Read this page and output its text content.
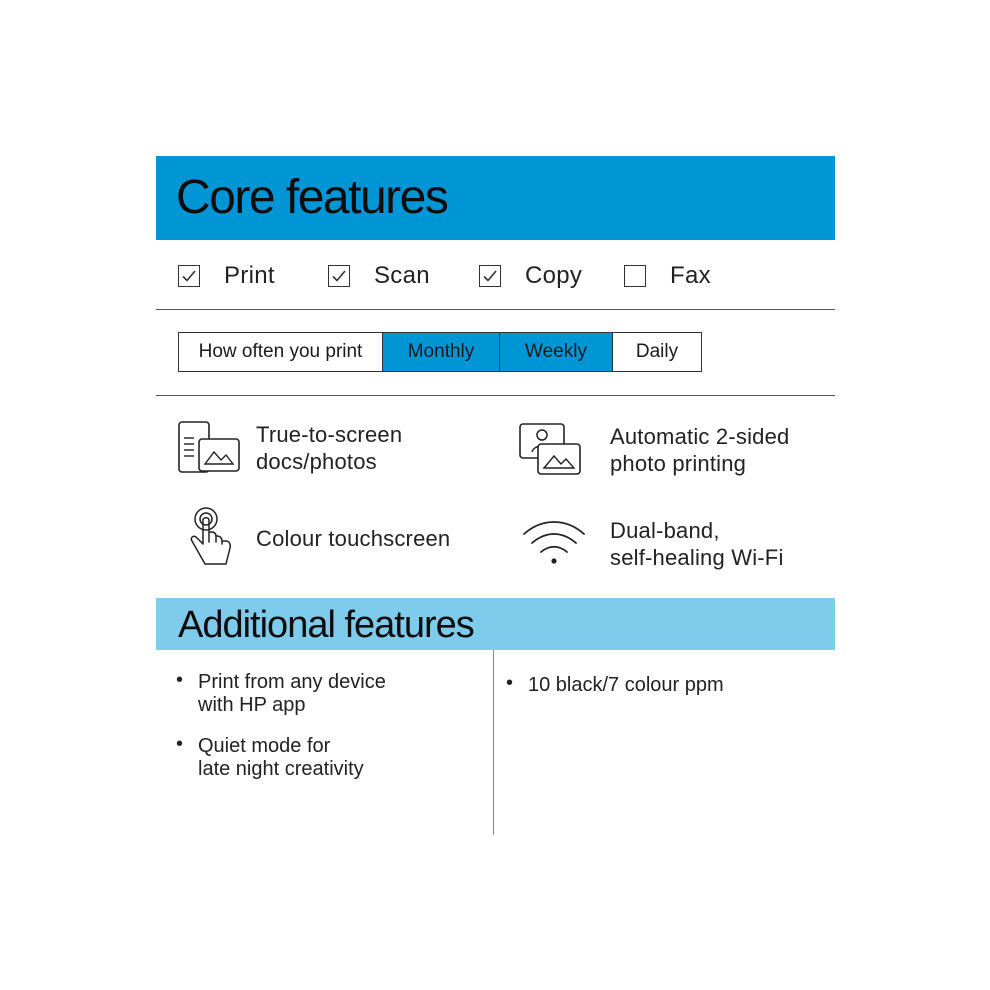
Core features
Print	Scan	Copy	Fax
How often you print	Monthly	Weekly	Daily
True-to-screen
docs/photos
Automatic 2-sided
photo printing
Colour touchscreen	Dual-band,
self-healing Wi-Fi
Additional features
• Print from any device
with HP app
• Quiet mode for
late night creativity
• 10 black/7 colour ppm
